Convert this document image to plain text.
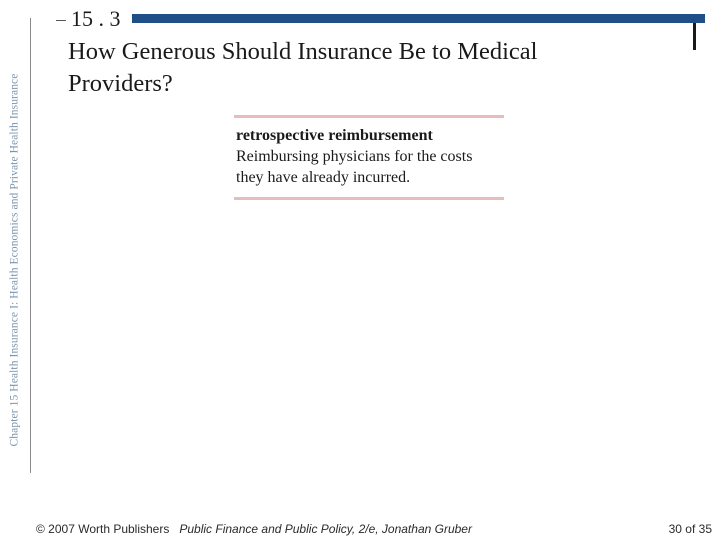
Chapter 15 Health Insurance I: Health Economics and Private Health Insurance
15 . 3
How Generous Should Insurance Be to Medical
Providers?
retrospective reimbursement
Reimbursing physicians for the costs
they have already incurred.
© 2007 Worth Publishers Public Finance and Public Policy, 2/e, Jonathan Gruber	30 of 35
